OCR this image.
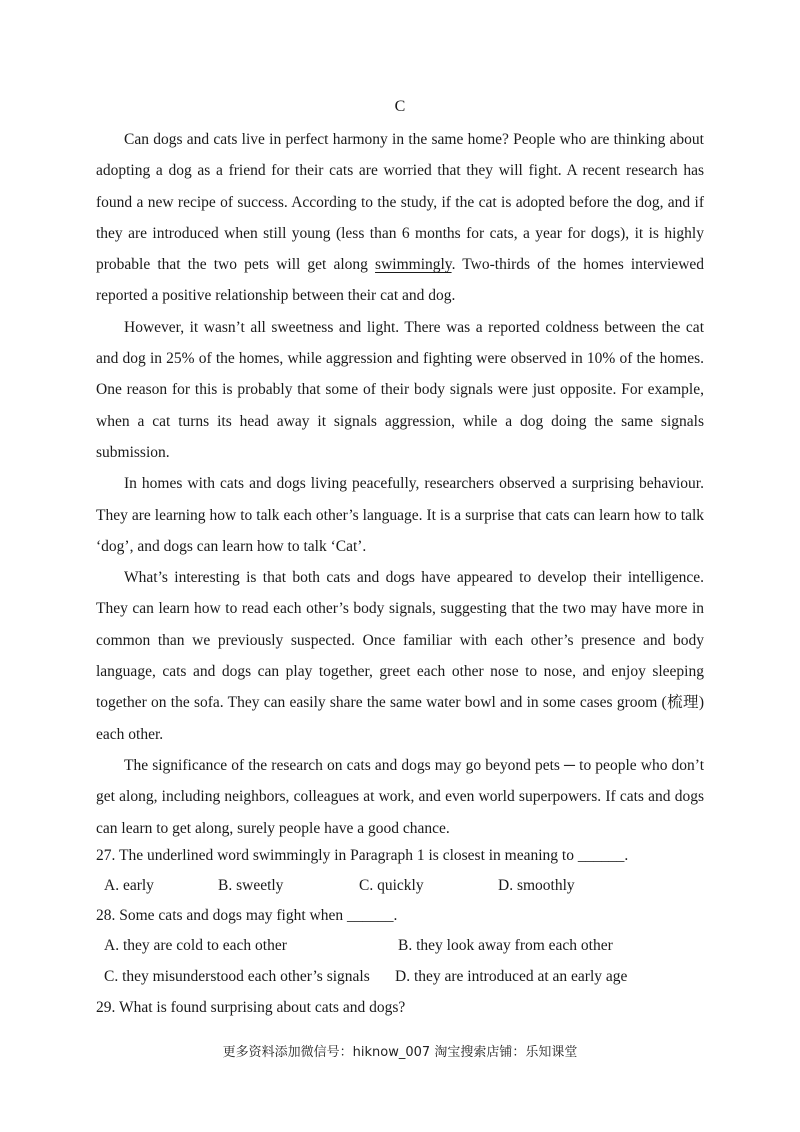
C

Can dogs and cats live in perfect harmony in the same home? People who are thinking about adopting a dog as a friend for their cats are worried that they will fight. A recent research has found a new recipe of success. According to the study, if the cat is adopted before the dog, and if they are introduced when still young (less than 6 months for cats, a year for dogs), it is highly probable that the two pets will get along swimmingly. Two-thirds of the homes interviewed reported a positive relationship between their cat and dog.

However, it wasn’t all sweetness and light. There was a reported coldness between the cat and dog in 25% of the homes, while aggression and fighting were observed in 10% of the homes. One reason for this is probably that some of their body signals were just opposite. For example, when a cat turns its head away it signals aggression, while a dog doing the same signals submission.

In homes with cats and dogs living peacefully, researchers observed a surprising behaviour. They are learning how to talk each other’s language. It is a surprise that cats can learn how to talk ‘dog’, and dogs can learn how to talk ‘Cat’.

What’s interesting is that both cats and dogs have appeared to develop their intelligence. They can learn how to read each other’s body signals, suggesting that the two may have more in common than we previously suspected. Once familiar with each other’s presence and body language, cats and dogs can play together, greet each other nose to nose, and enjoy sleeping together on the sofa. They can easily share the same water bowl and in some cases groom (梳理) each other.

The significance of the research on cats and dogs may go beyond pets ─ to people who don’t get along, including neighbors, colleagues at work, and even world superpowers. If cats and dogs can learn to get along, surely people have a good chance.

27. The underlined word swimmingly in Paragraph 1 is closest in meaning to ______.
A. early	B. sweetly	C. quickly	D. smoothly
28. Some cats and dogs may fight when ______.
A. they are cold to each other	B. they look away from each other
C. they misunderstood each other’s signals D. they are introduced at an early age
29. What is found surprising about cats and dogs?
更多资料添加微信号：hiknow_007 淘宝搜索店铺：乐知课堂
